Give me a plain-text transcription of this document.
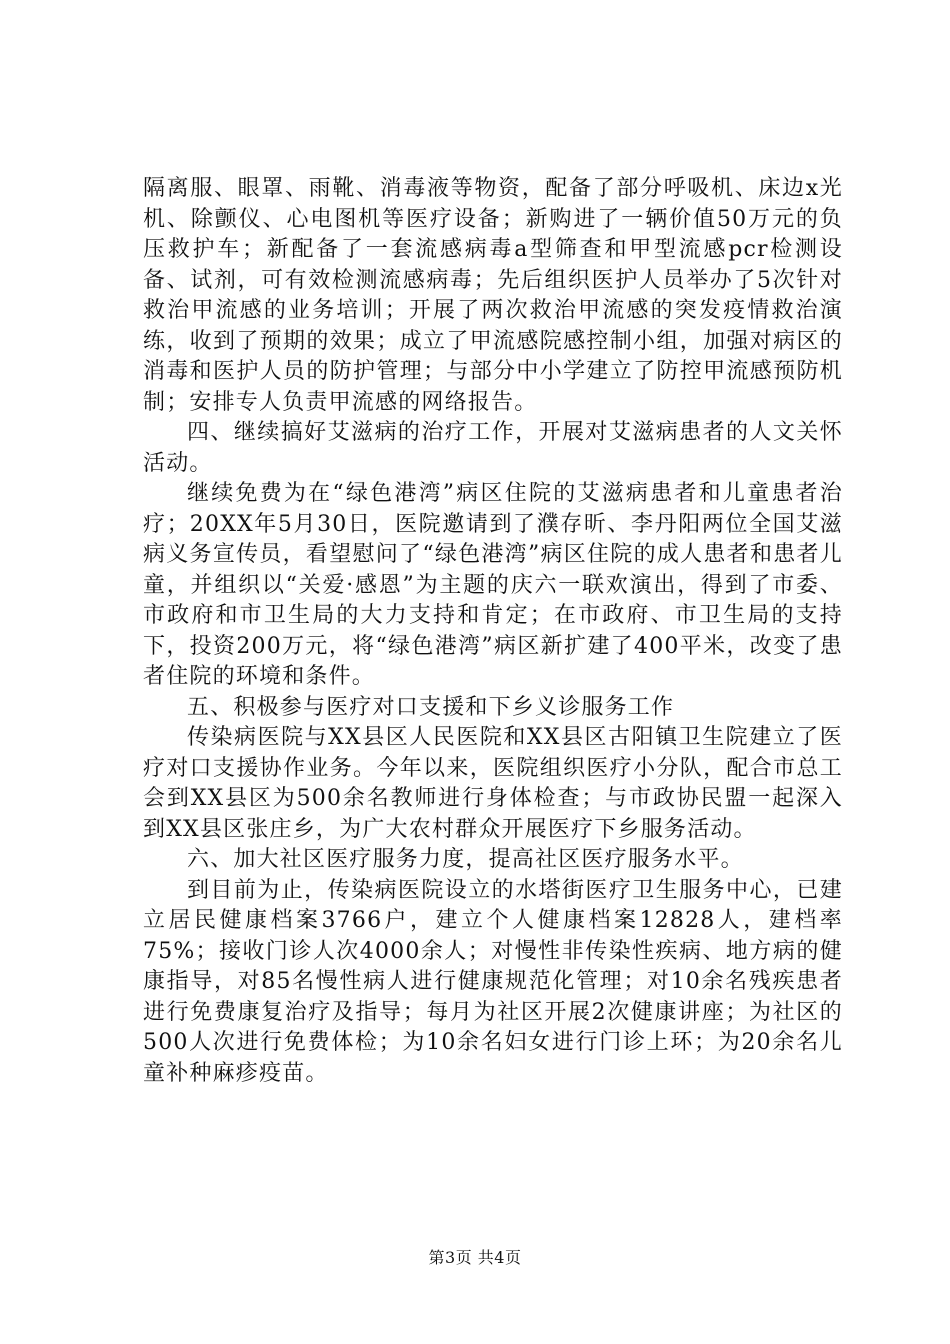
隔离服、眼罩、雨靴、消毒液等物资，配备了部分呼吸机、床边x光机、除颤仪、心电图机等医疗设备；新购进了一辆价值50万元的负压救护车；新配备了一套流感病毒a型筛查和甲型流感pcr检测设备、试剂，可有效检测流感病毒；先后组织医护人员举办了5次针对救治甲流感的业务培训；开展了两次救治甲流感的突发疫情救治演练，收到了预期的效果；成立了甲流感院感控制小组，加强对病区的消毒和医护人员的防护管理；与部分中小学建立了防控甲流感预防机制；安排专人负责甲流感的网络报告。

四、继续搞好艾滋病的治疗工作，开展对艾滋病患者的人文关怀活动。

继续免费为在“绿色港湾”病区住院的艾滋病患者和儿童患者治疗；20XX年5月30日，医院邀请到了濮存昕、李丹阳两位全国艾滋病义务宣传员，看望慰问了“绿色港湾”病区住院的成人患者和患者儿童，并组织以“关爱·感恩”为主题的庆六一联欢演出，得到了市委、市政府和市卫生局的大力支持和肯定；在市政府、市卫生局的支持下，投资200万元，将“绿色港湾”病区新扩建了400平米，改变了患者住院的环境和条件。

五、积极参与医疗对口支援和下乡义诊服务工作

传染病医院与XX县区人民医院和XX县区古阳镇卫生院建立了医疗对口支援协作业务。今年以来，医院组织医疗小分队，配合市总工会到XX县区为500余名教师进行身体检查；与市政协民盟一起深入到XX县区张庄乡，为广大农村群众开展医疗下乡服务活动。

六、加大社区医疗服务力度，提高社区医疗服务水平。

到目前为止，传染病医院设立的水塔街医疗卫生服务中心，已建立居民健康档案3766户，建立个人健康档案12828人，建档率75%；接收门诊人次4000余人；对慢性非传染性疾病、地方病的健康指导，对85名慢性病人进行健康规范化管理；对10余名残疾患者进行免费康复治疗及指导；每月为社区开展2次健康讲座；为社区的500人次进行免费体检；为10余名妇女进行门诊上环；为20余名儿童补种麻疹疫苗。

第3页 共4页
